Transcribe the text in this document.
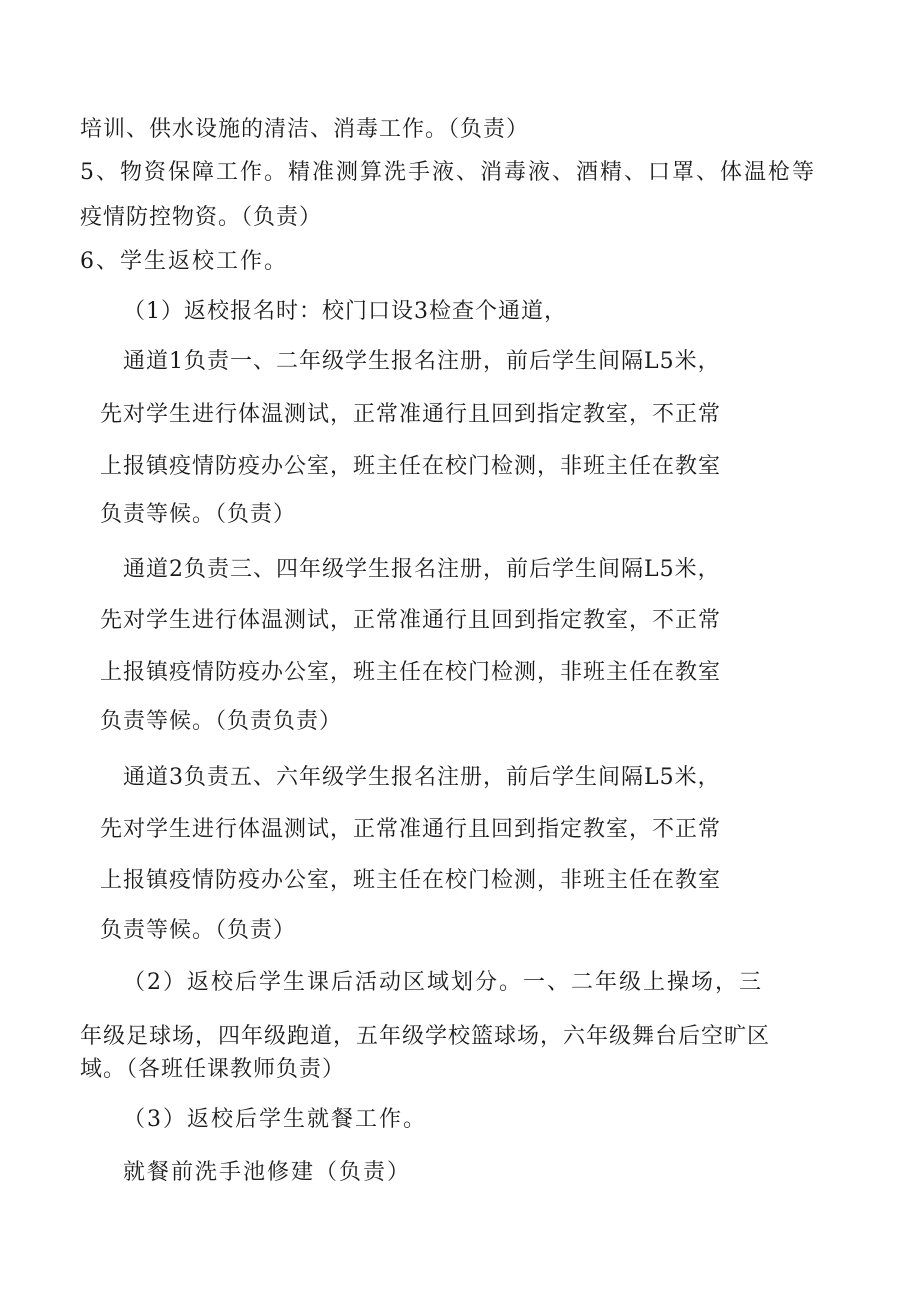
培训、供水设施的清洁、消毒工作。（负责）

5、物资保障工作。精准测算洗手液、消毒液、酒精、口罩、体温枪等

疫情防控物资。（负责）

6、学生返校工作。

（1）返校报名时：校门口设3检查个通道，

通道1负责一、二年级学生报名注册，前后学生间隔L5米，

先对学生进行体温测试，正常准通行且回到指定教室，不正常

上报镇疫情防疫办公室，班主任在校门检测，非班主任在教室

负责等候。（负责）

通道2负责三、四年级学生报名注册，前后学生间隔L5米，

先对学生进行体温测试，正常准通行且回到指定教室，不正常

上报镇疫情防疫办公室，班主任在校门检测，非班主任在教室

负责等候。（负责负责）

通道3负责五、六年级学生报名注册，前后学生间隔L5米，

先对学生进行体温测试，正常准通行且回到指定教室，不正常

上报镇疫情防疫办公室，班主任在校门检测，非班主任在教室

负责等候。（负责）

（2）返校后学生课后活动区域划分。一、二年级上操场，三

年级足球场，四年级跑道，五年级学校篮球场，六年级舞台后空旷区

域。（各班任课教师负责）

（3）返校后学生就餐工作。

就餐前洗手池修建（负责）
